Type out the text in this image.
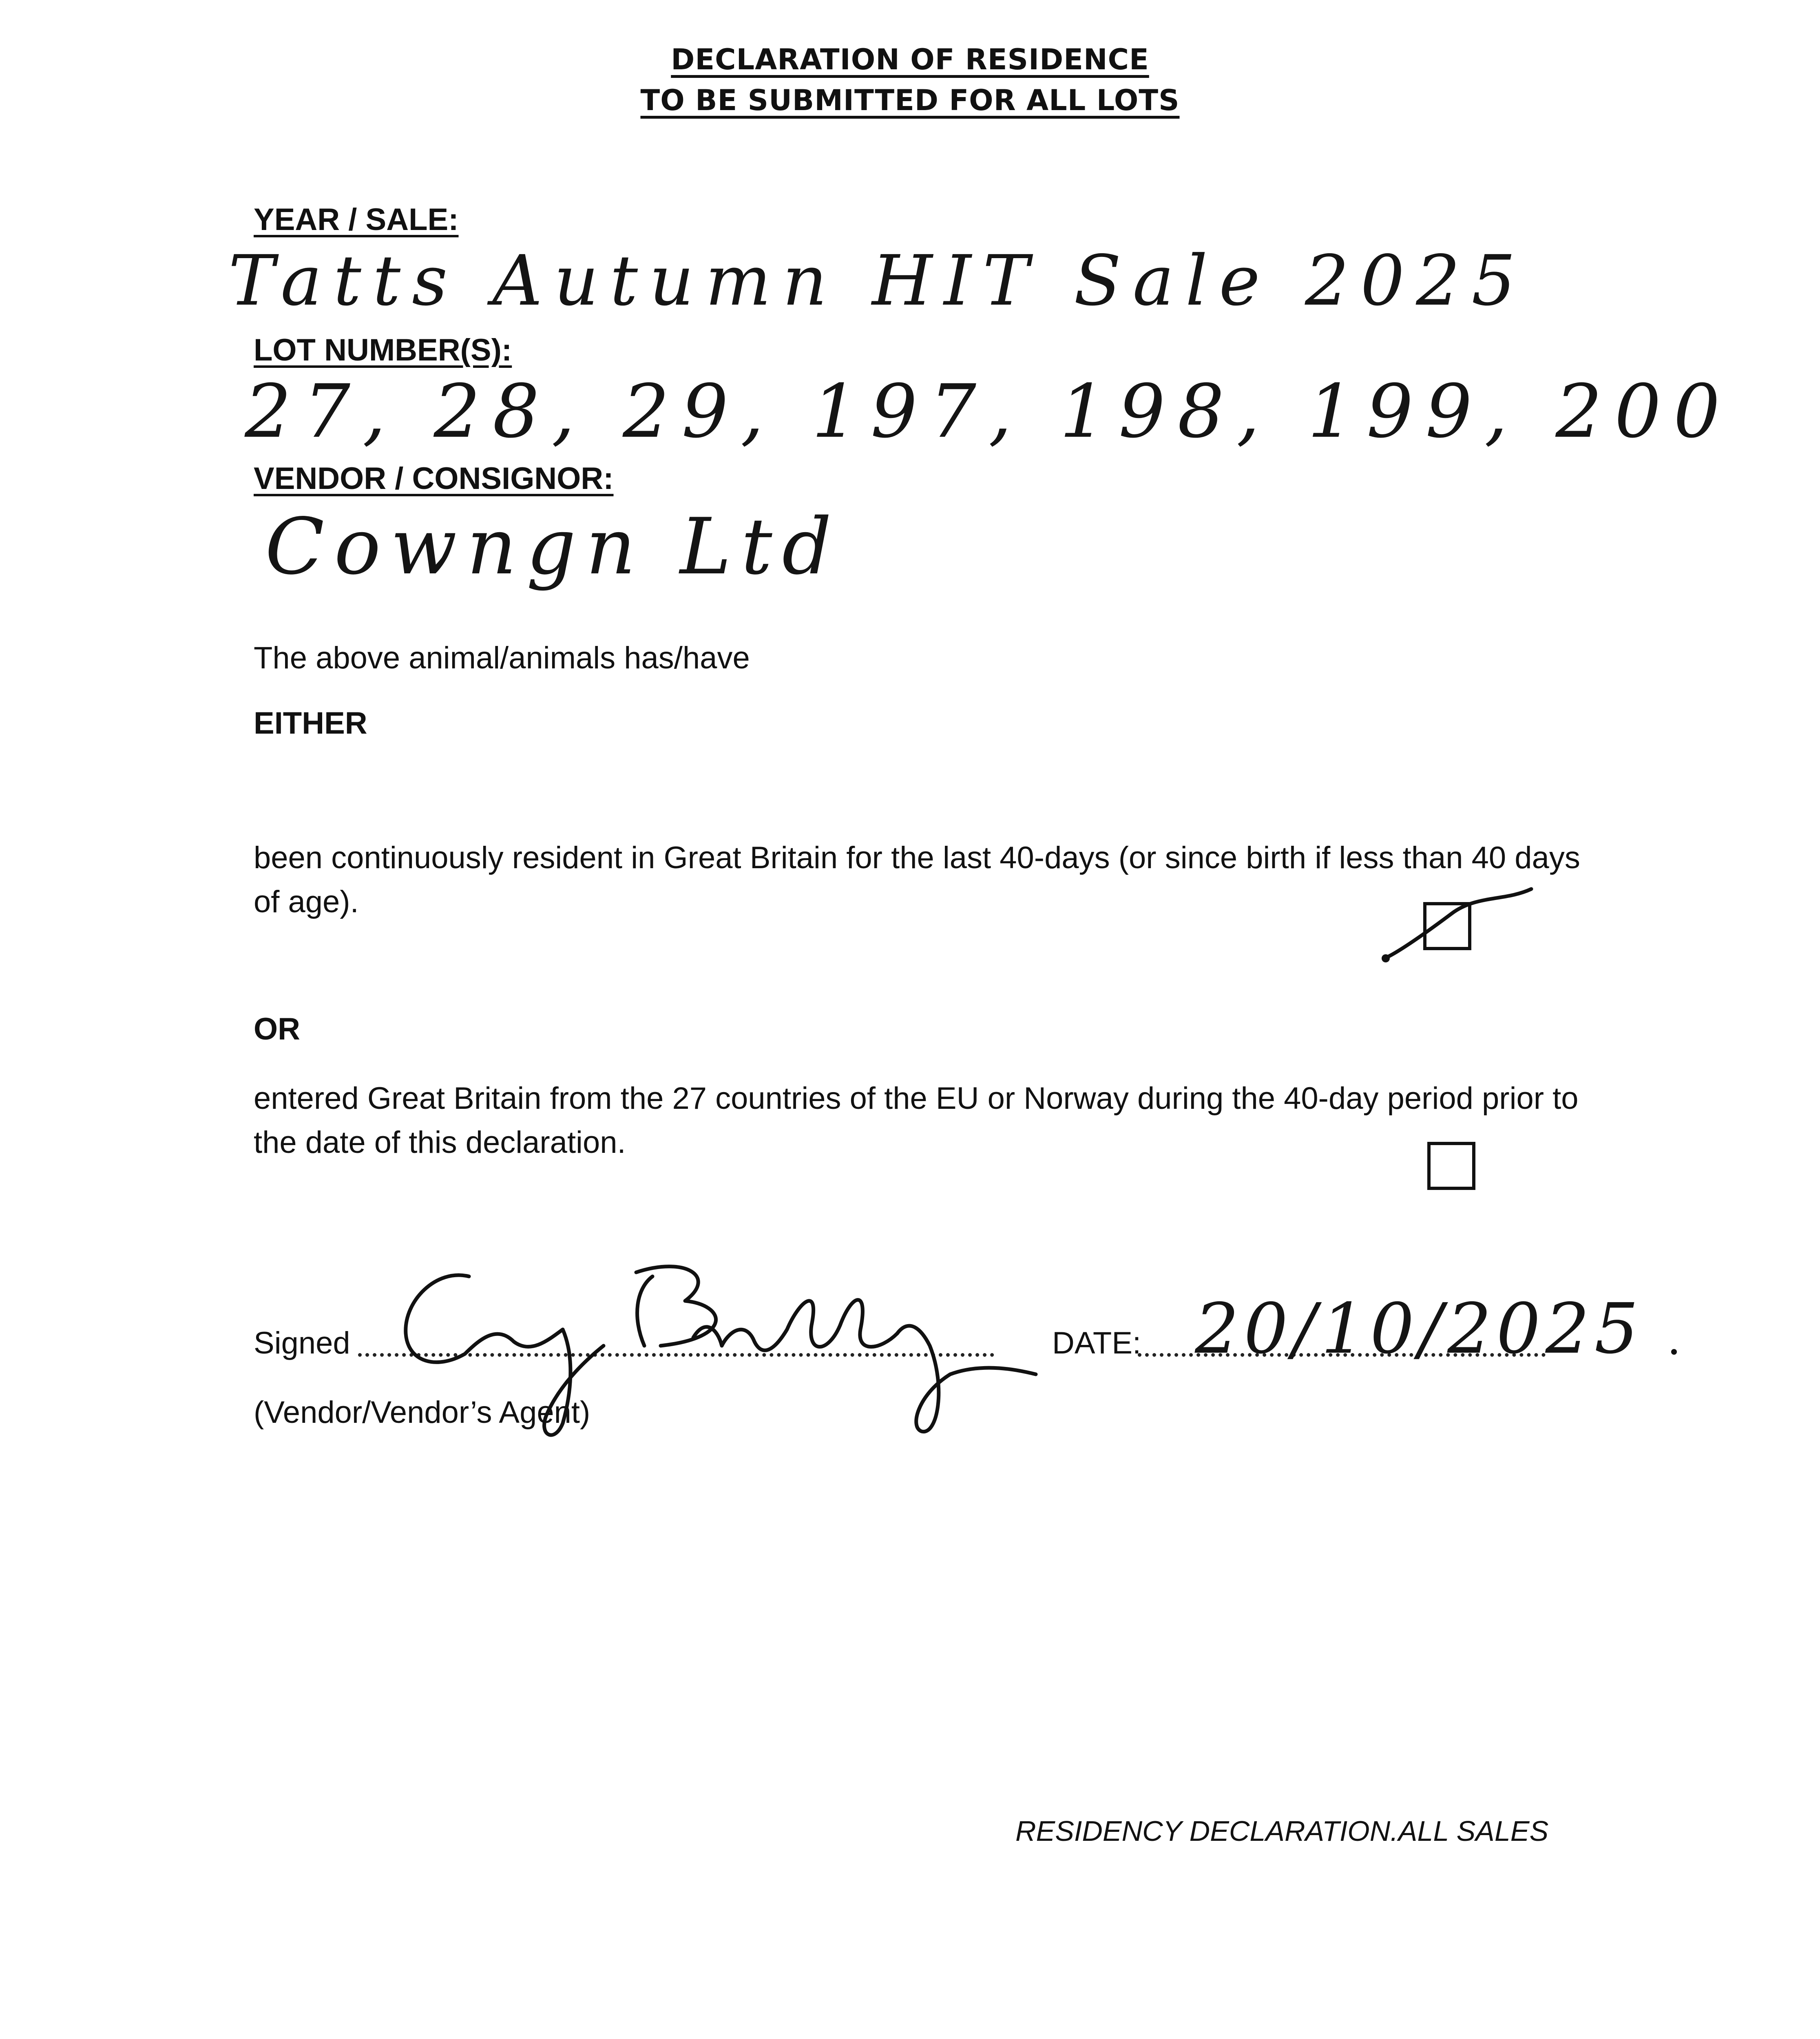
DECLARATION OF RESIDENCE
TO BE SUBMITTED FOR ALL LOTS
YEAR / SALE:
Tatts Autumn HIT Sale 2025
LOT NUMBER(S):
27, 28, 29, 197, 198, 199, 200
VENDOR / CONSIGNOR:
Cowngn Ltd
The above animal/animals has/have
EITHER
been continuously resident in Great Britain for the last 40-days (or since birth if less than 40 days of age).
OR
entered Great Britain from the 27 countries of the EU or Norway during the 40-day period prior to the date of this declaration.
Signed	DATE: 20/10/2025
(Vendor/Vendor’s Agent)
RESIDENCY DECLARATION.ALL SALES
